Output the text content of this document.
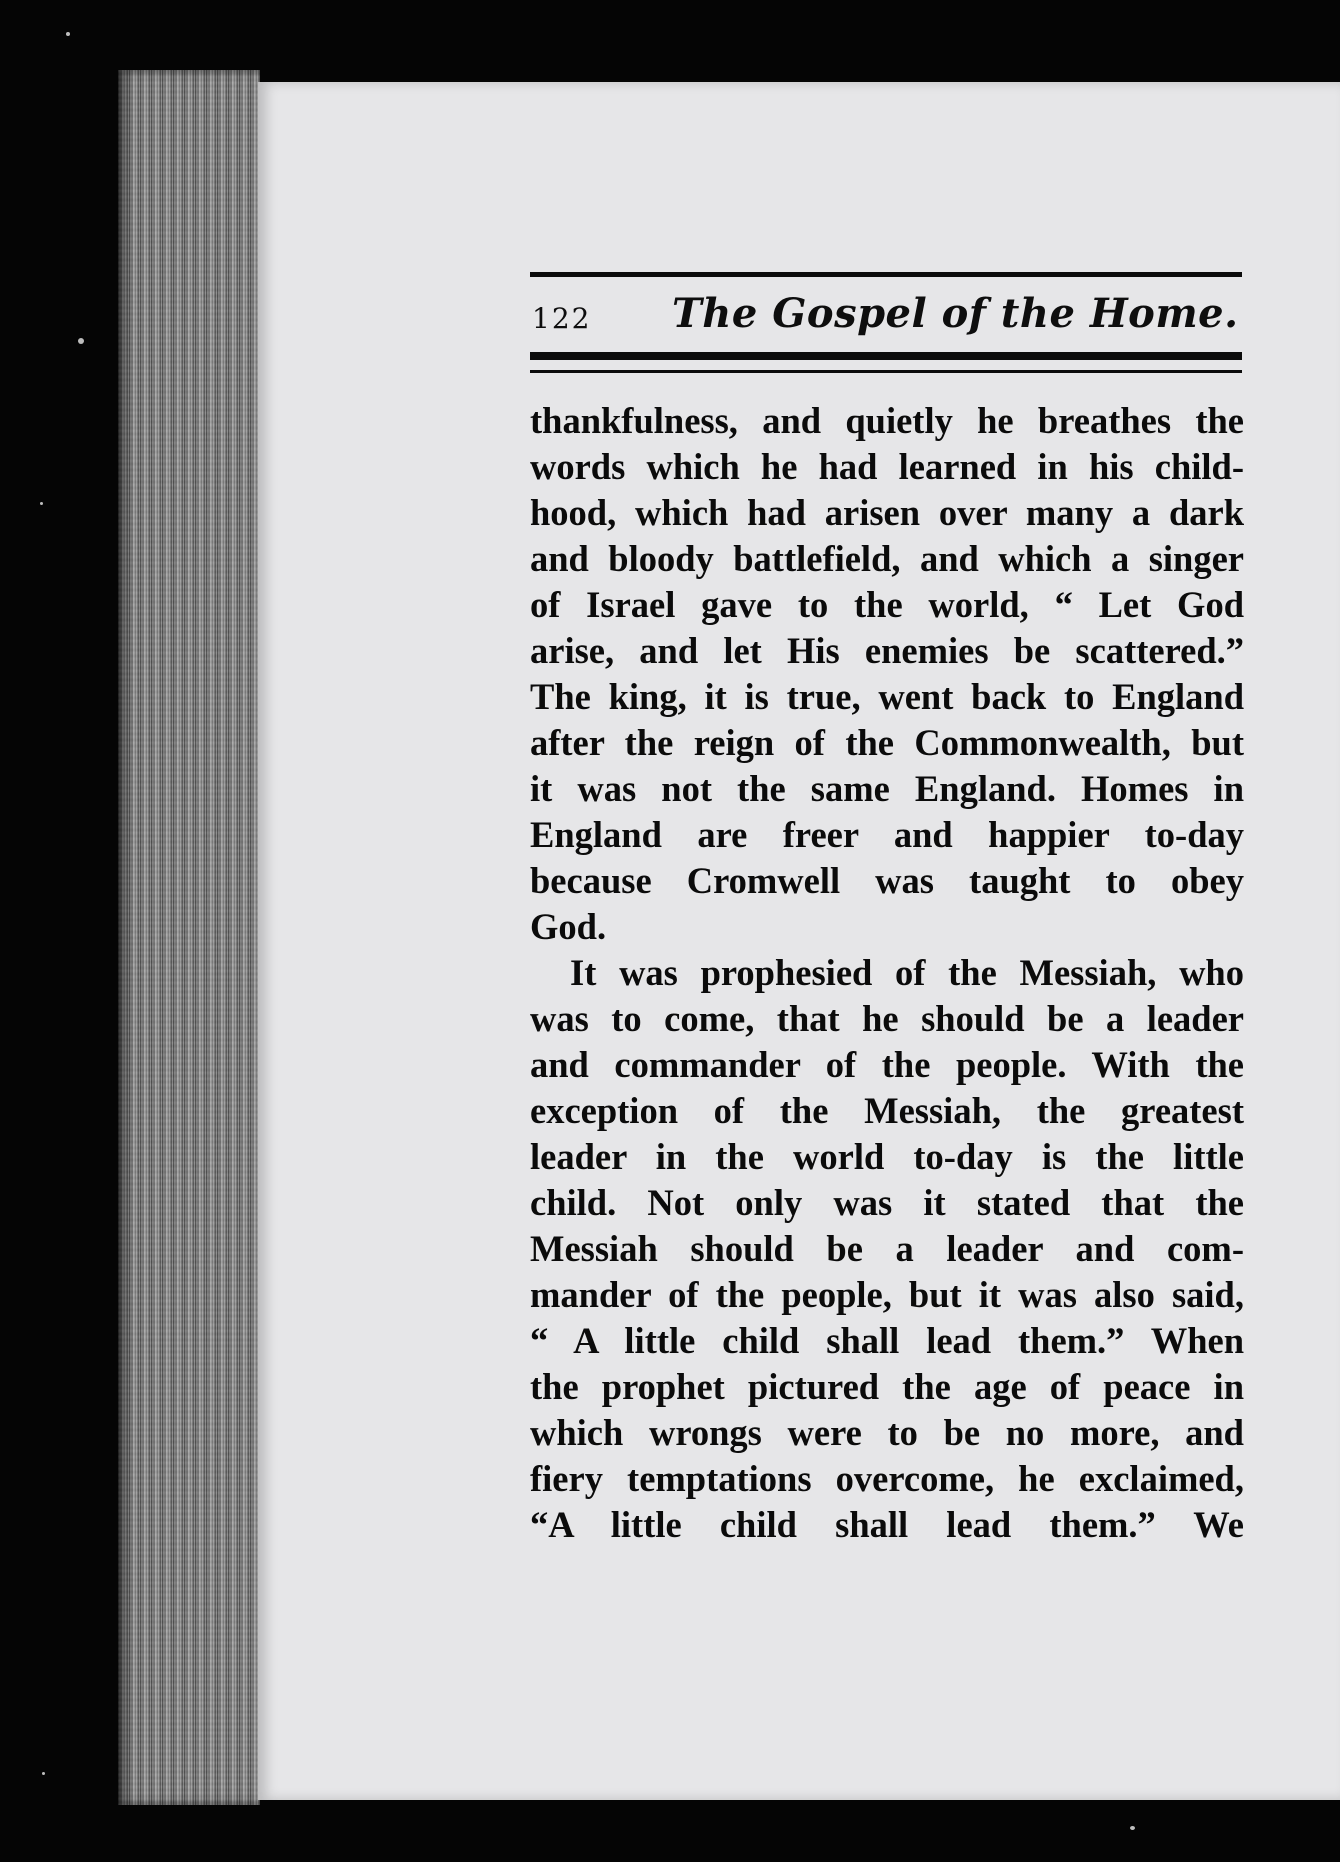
122 The Gospel of the Home.
thankfulness, and quietly he breathes the
words which he had learned in his child-
hood, which had arisen over many a dark
and bloody battlefield, and which a singer
of Israel gave to the world, “ Let God
arise, and let His enemies be scattered.”
The king, it is true, went back to England
after the reign of the Commonwealth, but
it was not the same England. Homes in
England are freer and happier to-day
because Cromwell was taught to obey
God.
It was prophesied of the Messiah, who
was to come, that he should be a leader
and commander of the people. With the
exception of the Messiah, the greatest
leader in the world to-day is the little
child. Not only was it stated that the
Messiah should be a leader and com-
mander of the people, but it was also said,
“ A little child shall lead them.” When
the prophet pictured the age of peace in
which wrongs were to be no more, and
fiery temptations overcome, he exclaimed,
“A little child shall lead them.” We
